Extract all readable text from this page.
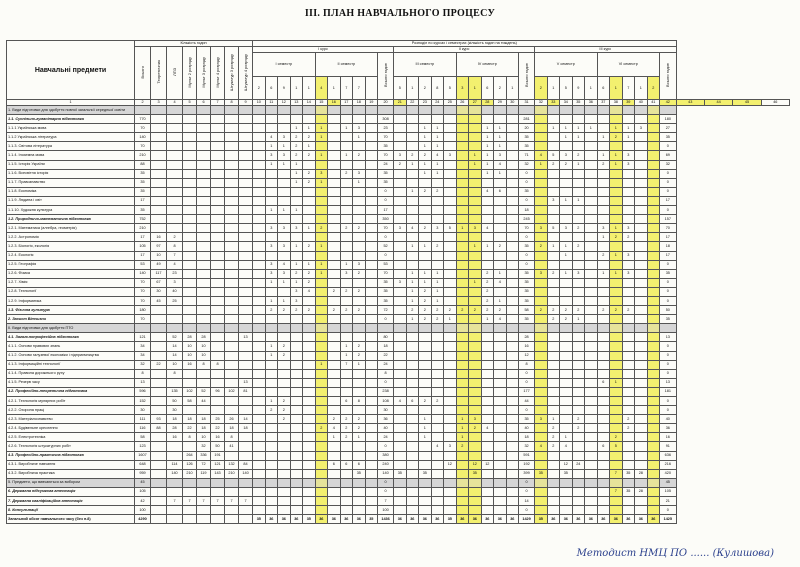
ІІІ. ПЛАН НАВЧАЛЬНОГО ПРОЦЕСУ
Навчальні предмети	Кількість годин								Розподіл по курсах і семестрах (кількість годин на тиждень)																																				
	Всього	Теоретичних	ЛПЗ	Мульт 2 розряду	Мульт 3 розряду	Мульт 4 розряду	Штукатур 3 розряду	Штукатур 4 розряду	І курс											ІІ курс											ІІІ курс														
									І семестр					ІІ семестр					Всього годин	ІІІ семестр					ІV семестр					Всього годин	V семестр					VI семестр					Всього годин				
									2	6	9	1	1	4	1	7	7			5	1	2	8	5	3	1	6	2	1		2	1	5	9	1	6	1	7	1	2					
1	2	3	4	5	6	7	8	9	10	11	12	13	14	15	16	17	18	19	20	21	22	23	24	25	26	27	28	29	30	31	32	33	34	35	36	37	38	39	40	41	42	43	44	45	46
1. Види підготовки для здобуття повної загальної середньої освіти																																													
1.1. Суспільно-гуманітарна підготовка	770																		308											281											180				
1.1.1 Українська мова	70											1	1	1		1	3		23			1	1				1	1		20		1	1	1	1		1	1	3		27				
1.1.2 Українська література	140									4	3	2	2	1			1		70			1	1				1	1		35			1	1		1	2	1			35				
1.1.3. Світова література	70									1	1	2	1						35			1	1				1	1		35											0				
1.1.4. Іноземна мова	210									3	3	2	2	1		1	2		70	3	2	2	4	3		1	1	3		71	4	5	3	2		1	1	3			69				
1.1.5. Історія України	88									1	1	1							24	2	1	1	1			1	1	4		32	1	2	2	1		2	1	3			32				
1.1.6. Всесвітня історія	35											1	2	3		2	3		35			1	1				1	1		0											0				
1.1.7. Правознавство	35											1	2	1			1		35											0											0				
1.1.8. Економіка	35																		0		1	2	2				4	6		35											0				
1.1.9. Людина і світ	17																		0											0		3	1	1							17				
1.1.10. Художня культура	35									1	1	1							17											18											0				
1.2. Природничо-математична підготовка	752																		350											245											157				
1.2.1. Математика (алгебра, геометрія)	210									3	3	3	1	2		2	2		70	3	4	2	3	5	1	3	4			70	3	5	3	2		3	1	3			70				
1.2.2. Астрономія	17	16	2																0											0						1	2	2			17				
1.2.3. Біологія, екологія	105	97	8							3	3	1	2	1					52		1	1	2			1	1	2		35	2	1	1	2							18				
1.2.4. Екологія	17	10	7																0											0			1			2	1	3			17				
1.2.5. Географія	53	49	4							3	4	1	1	1		1	3		53											0											0				
1.2.6. Фізика	140	117	23							3	3	2	2	1		3	2		70		1	1	1				2	1		35	3	2	1	3		1	1	3			35				
1.2.7. Хімія	70	67	3							1	1	1	2						35	3	1	1	1			1	2	4		35											0				
1.2.8. Технології	70	30	40									3	4		2	2	2		35		1	2	1				2			35											0				
1.2.9. Інформатика	70	45	25							1	1	3							35		1	2	1				2	1		35											0				
1.3. Фізична культура	180									2	2	2	2		2	2	2		72		2	2	2	2	2	2	2	2		58	2	2	2	2		2	2	2			50				
2. Захист Вітчизни	70																		0		1	2	2	1			1	4		35		2	2	1							35				
ІІ. Види підготовки для здобуття ПТО																																													
4.1. Загальнопрофесійна підготовка	121		52	28	28			13											80											28											13				
4.1.1. Основи правових знань	34		14	10	10					1	2					1	2		18											16											0				
4.1.2. Основи галузевої економіки і підприємництва	34		14	10	10					1	2					1	2		22											12											0				
4.1.3. Інформаційні технології	32	22	10	16	8	8								1		7	1		24											8											0				
4.1.4. Правила дорожнього руху	8		8																8											0											0				
4.1.5. Резерв часу	13							13											0											0						6	1				13				
4.2. Професійно-теоретична підготовка	596		135	102	52	96	102	81											238											177											181				
4.2.1. Технологія мулярних робіт	152		50	58	44					1	2					6	8		108	4	6	2	2							44											0				
4.2.2. Охорона праці	30		30							2	2								30											0											0				
4.2.3. Матеріалознавство	111	93	18	18	18	25	26	14			2				2	2	2		36			1			1	3				35	3	1		2				2			40				
4.2.4. Будівельне креслення	116	88	28	22	18	22	18	18						2	4	2	2		40			1			1	2	4			40		2		2				2			36				
4.2.5. Електротехніка	58		16	8	10	16	8								1	2	1		24			1			1					18		2	1				2				16				
4.2.6. Технологія штукатурних робіт	123				32	50	41												0				4	3	2					32	4	2	4			6	5				91				
4.3. Професійно-практична підготовка	1607			264	336	191													380											591											636				
4.3.1. Виробниче навчання	648		114	126	72	121	132	84							6	6	6		240					12		12	12			192			12	24							216				
4.3.2. Виробнича практика	959		140	210	119	143	210	140									35		140	35		35				35				399	35		35				7	35	28		420				
5. Предмети, що вивчаються за вибором	45																		0											0											45				
6. Державна підсумкова атестація	105																		0											0							7	35	28		105				
7. Державна кваліфікаційна атестація	42		7	7	7	7	7	7											7											14											21				
8. Консультації	100																		100											0											0				
Загальний обсяг навчального часу (без п.8)	4290								35	36	36	36	35	36	36	36	36	35	1436	36	36	36	36	35	36	36	36	36	36	1429	35	36	36	36	36	36	36	36	36	36	1425				
Методист НМЦ ПО ...... (Кулишова)
